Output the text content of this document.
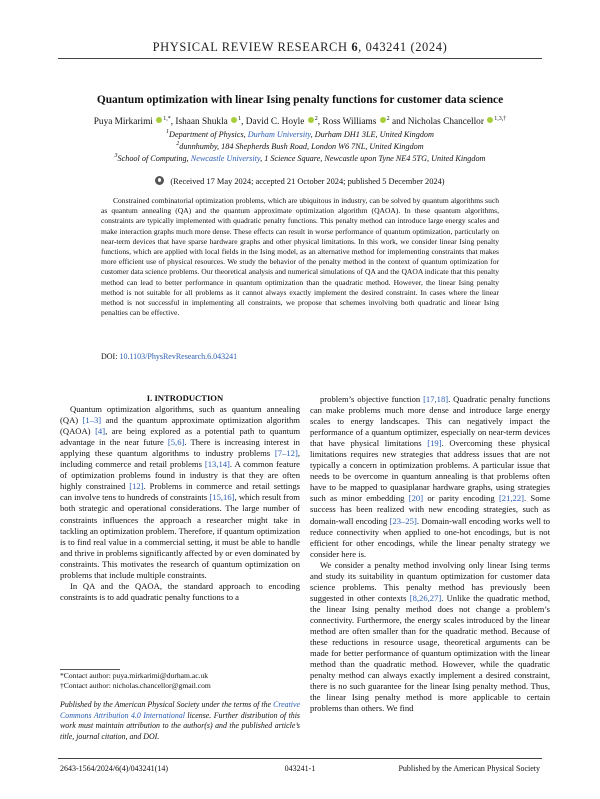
PHYSICAL REVIEW RESEARCH 6, 043241 (2024)
Quantum optimization with linear Ising penalty functions for customer data science
Puya Mirkarimi $^{1,*}$, Ishaan Shukla $^1$, David C. Hoyle $^2$, Ross Williams $^2$ and Nicholas Chancellor $^{1,3,\dagger}$
$^1$Department of Physics, Durham University, Durham DH1 3LE, United Kingdom
$^2$dunnhumby, 184 Shepherds Bush Road, London W6 7NL, United Kingdom
$^3$School of Computing, Newcastle University, 1 Science Square, Newcastle upon Tyne NE4 5TG, United Kingdom
(Received 17 May 2024; accepted 21 October 2024; published 5 December 2024)
Constrained combinatorial optimization problems, which are ubiquitous in industry, can be solved by quantum algorithms such as quantum annealing (QA) and the quantum approximate optimization algorithm (QAOA). In these quantum algorithms, constraints are typically implemented with quadratic penalty functions. This penalty method can introduce large energy scales and make interaction graphs much more dense. These effects can result in worse performance of quantum optimization, particularly on near-term devices that have sparse hardware graphs and other physical limitations. In this work, we consider linear Ising penalty functions, which are applied with local fields in the Ising model, as an alternative method for implementing constraints that makes more efficient use of physical resources. We study the behavior of the penalty method in the context of quantum optimization for customer data science problems. Our theoretical analysis and numerical simulations of QA and the QAOA indicate that this penalty method can lead to better performance in quantum optimization than the quadratic method. However, the linear Ising penalty method is not suitable for all problems as it cannot always exactly implement the desired constraint. In cases where the linear method is not successful in implementing all constraints, we propose that schemes involving both quadratic and linear Ising penalties can be effective.
DOI: 10.1103/PhysRevResearch.6.043241

I. INTRODUCTION

Quantum optimization algorithms, such as quantum annealing (QA) [1–3] and the quantum approximate optimization algorithm (QAOA) [4], are being explored as a potential path to quantum advantage in the near future [5,6]. There is increasing interest in applying these quantum algorithms to industry problems [7–12], including commerce and retail problems [13,14]. A common feature of optimization problems found in industry is that they are often highly constrained [12]. Problems in commerce and retail settings can involve tens to hundreds of constraints [15,16], which result from both strategic and operational considerations. The large number of constraints influences the approach a researcher might take in tackling an optimization problem. Therefore, if quantum optimization is to find real value in a commercial setting, it must be able to handle and thrive in problems significantly affected by or even dominated by constraints. This motivates the research of quantum optimization on problems that include multiple constraints.

In QA and the QAOA, the standard approach to encoding constraints is to add quadratic penalty functions to a

problem’s objective function [17,18]. Quadratic penalty functions can make problems much more dense and introduce large energy scales to energy landscapes. This can negatively impact the performance of a quantum optimizer, especially on near-term devices that have physical limitations [19]. Overcoming these physical limitations requires new strategies that address issues that are not typically a concern in optimization problems. A particular issue that needs to be overcome in quantum annealing is that problems often have to be mapped to quasiplanar hardware graphs, using strategies such as minor embedding [20] or parity encoding [21,22]. Some success has been realized with new encoding strategies, such as domain-wall encoding [23–25]. Domain-wall encoding works well to reduce connectivity when applied to one-hot encodings, but is not efficient for other encodings, while the linear penalty strategy we consider here is.

We consider a penalty method involving only linear Ising terms and study its suitability in quantum optimization for customer data science problems. This penalty method has previously been suggested in other contexts [8,26,27]. Unlike the quadratic method, the linear Ising penalty method does not change a problem’s connectivity. Furthermore, the energy scales introduced by the linear method are often smaller than for the quadratic method. Because of these reductions in resource usage, theoretical arguments can be made for better performance of quantum optimization with the linear method than the quadratic method. However, while the quadratic penalty method can always exactly implement a desired constraint, there is no such guarantee for the linear Ising penalty method. Thus, the linear Ising penalty method is more applicable to certain problems than others. We find

*Contact author: puya.mirkarimi@durham.ac.uk
†Contact author: nicholas.chancellor@gmail.com
Published by the American Physical Society under the terms of the Creative Commons Attribution 4.0 International license. Further distribution of this work must maintain attribution to the author(s) and the published article’s title, journal citation, and DOI.
2643-1564/2024/6(4)/043241(14)	043241-1	Published by the American Physical Society
